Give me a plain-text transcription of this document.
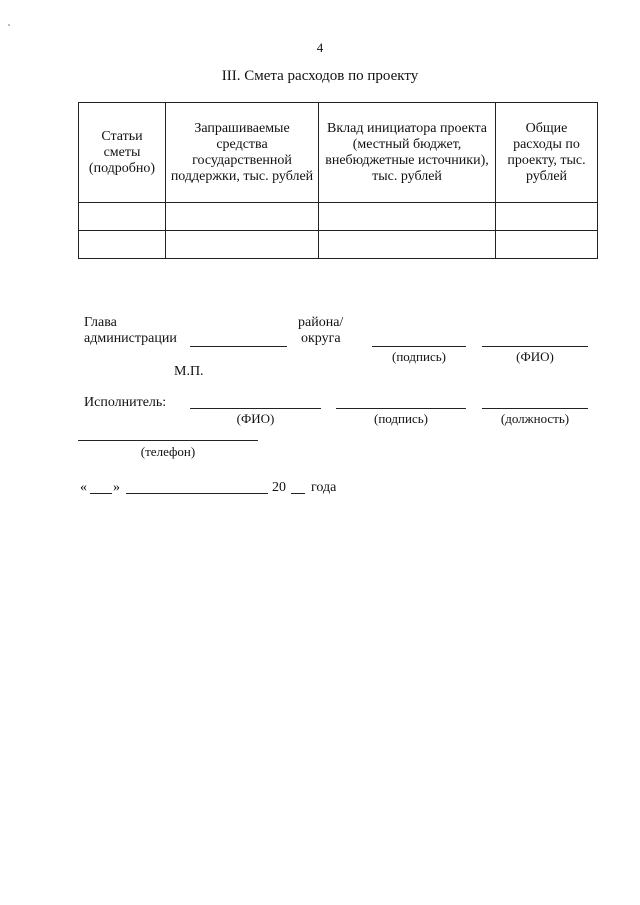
4
III. Смета расходов по проекту
Статьи сметы (подробно)	Запрашиваемые средства государственной поддержки, тыс. рублей	Вклад инициатора проекта (местный бюджет, внебюджетные источники), тыс. рублей	Общие расходы по проекту, тыс. рублей

Глава
администрации
района/
округа
(подпись)	(ФИО)
М.П.
Исполнитель:
(ФИО)	(подпись)	(должность)
(телефон)
« »	20 года
